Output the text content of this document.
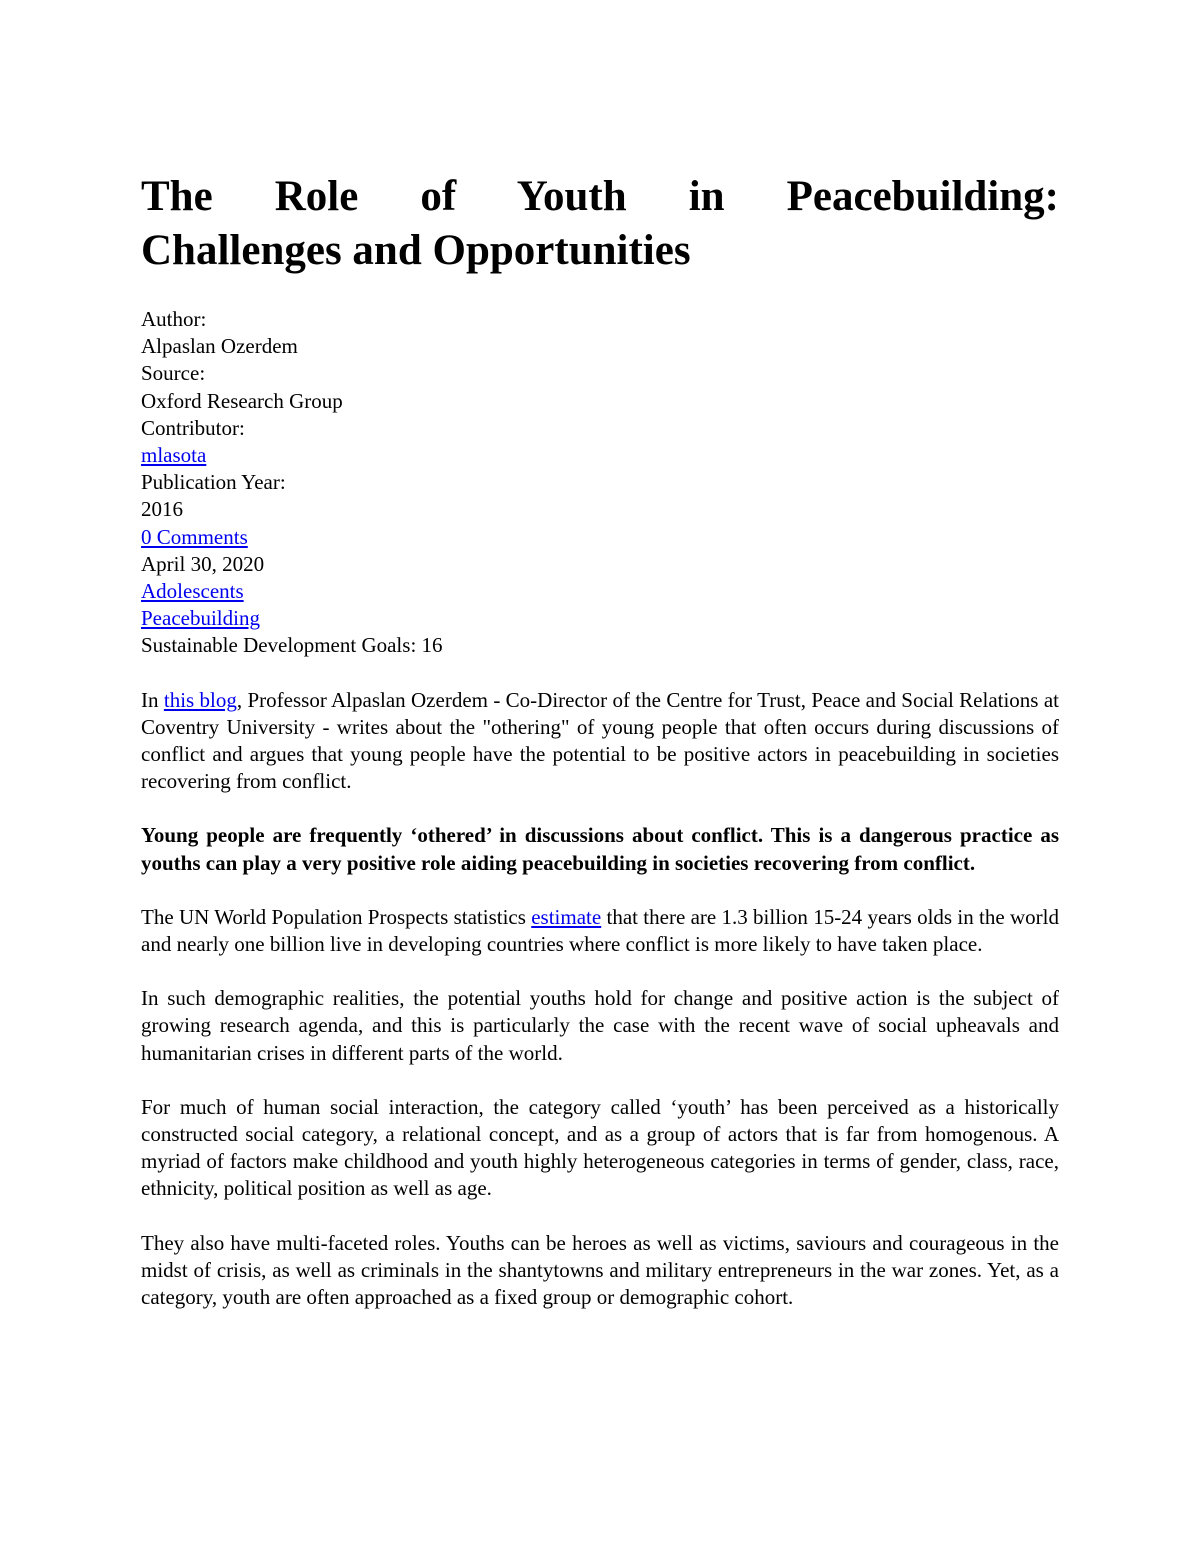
The Role of Youth in Peacebuilding:
Challenges and Opportunities
Author:
Alpaslan Ozerdem
Source:
Oxford Research Group
Contributor:
mlasota
Publication Year:
2016
0 Comments
April 30, 2020
Adolescents
Peacebuilding
Sustainable Development Goals: 16

In this blog, Professor Alpaslan Ozerdem - Co-Director of the Centre for Trust, Peace and Social Relations at Coventry University - writes about the "othering" of young people that often occurs during discussions of conflict and argues that young people have the potential to be positive actors in peacebuilding in societies recovering from conflict.

Young people are frequently ‘othered’ in discussions about conflict. This is a dangerous practice as youths can play a very positive role aiding peacebuilding in societies recovering from conflict.

The UN World Population Prospects statistics estimate that there are 1.3 billion 15-24 years olds in the world and nearly one billion live in developing countries where conflict is more likely to have taken place.

In such demographic realities, the potential youths hold for change and positive action is the subject of growing research agenda, and this is particularly the case with the recent wave of social upheavals and humanitarian crises in different parts of the world.

For much of human social interaction, the category called ‘youth’ has been perceived as a historically constructed social category, a relational concept, and as a group of actors that is far from homogenous. A myriad of factors make childhood and youth highly heterogeneous categories in terms of gender, class, race, ethnicity, political position as well as age.

They also have multi-faceted roles. Youths can be heroes as well as victims, saviours and courageous in the midst of crisis, as well as criminals in the shantytowns and military entrepreneurs in the war zones. Yet, as a category, youth are often approached as a fixed group or demographic cohort.
